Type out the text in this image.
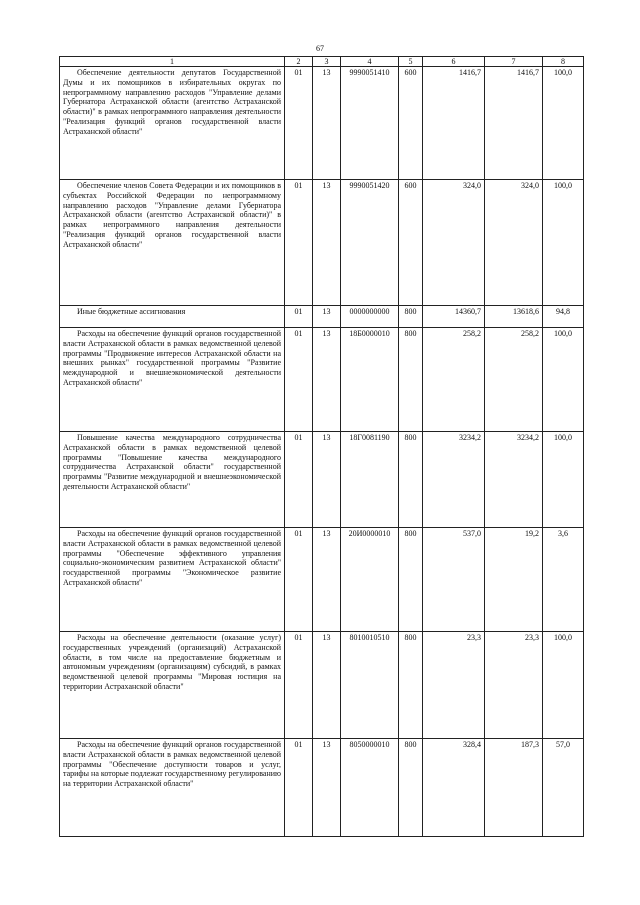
67
1	2	3	4	5	6	7	8
Обеспечение деятельности депутатов Государственной Думы и их помощников в избирательных округах по непрограммному направлению расходов "Управление делами Губернатора Астраханской области (агентство Астраханской области)" в рамках непрограммного направления деятельности "Реализация функций органов государственной власти Астраханской области"	01	13	9990051410	600	1416,7	1416,7	100,0
Обеспечение членов Совета Федерации и их помощников в субъектах Российской Федерации по непрограммному направлению расходов "Управление делами Губернатора Астраханской области (агентство Астраханской области)" в рамках непрограммного направления деятельности "Реализация функций органов государственной власти Астраханской области"	01	13	9990051420	600	324,0	324,0	100,0
Иные бюджетные ассигнования	01	13	0000000000	800	14360,7	13618,6	94,8
Расходы на обеспечение функций органов государственной власти Астраханской области в рамках ведомственной целевой программы "Продвижение интересов Астраханской области на внешних рынках" государственной программы "Развитие международной и внешнеэкономической деятельности Астраханской области"	01	13	18Б0000010	800	258,2	258,2	100,0
Повышение качества международного сотрудничества Астраханской области в рамках ведомственной целевой программы "Повышение качества международного сотрудничества Астраханской области" государственной программы "Развитие международной и внешнеэкономической деятельности Астраханской области"	01	13	18Г0081190	800	3234,2	3234,2	100,0
Расходы на обеспечение функций органов государственной власти Астраханской области в рамках ведомственной целевой программы "Обеспечение эффективного управления социально-экономическим развитием Астраханской области" государственной программы "Экономическое развитие Астраханской области"	01	13	20И0000010	800	537,0	19,2	3,6
Расходы на обеспечение деятельности (оказание услуг) государственных учреждений (организаций) Астраханской области, в том числе на предоставление бюджетным и автономным учреждениям (организациям) субсидий, в рамках ведомственной целевой программы "Мировая юстиция на территории Астраханской области"	01	13	8010010510	800	23,3	23,3	100,0
Расходы на обеспечение функций органов государственной власти Астраханской области в рамках ведомственной целевой программы "Обеспечение доступности товаров и услуг, тарифы на которые подлежат государственному регулированию на территории Астраханской области"	01	13	8050000010	800	328,4	187,3	57,0
